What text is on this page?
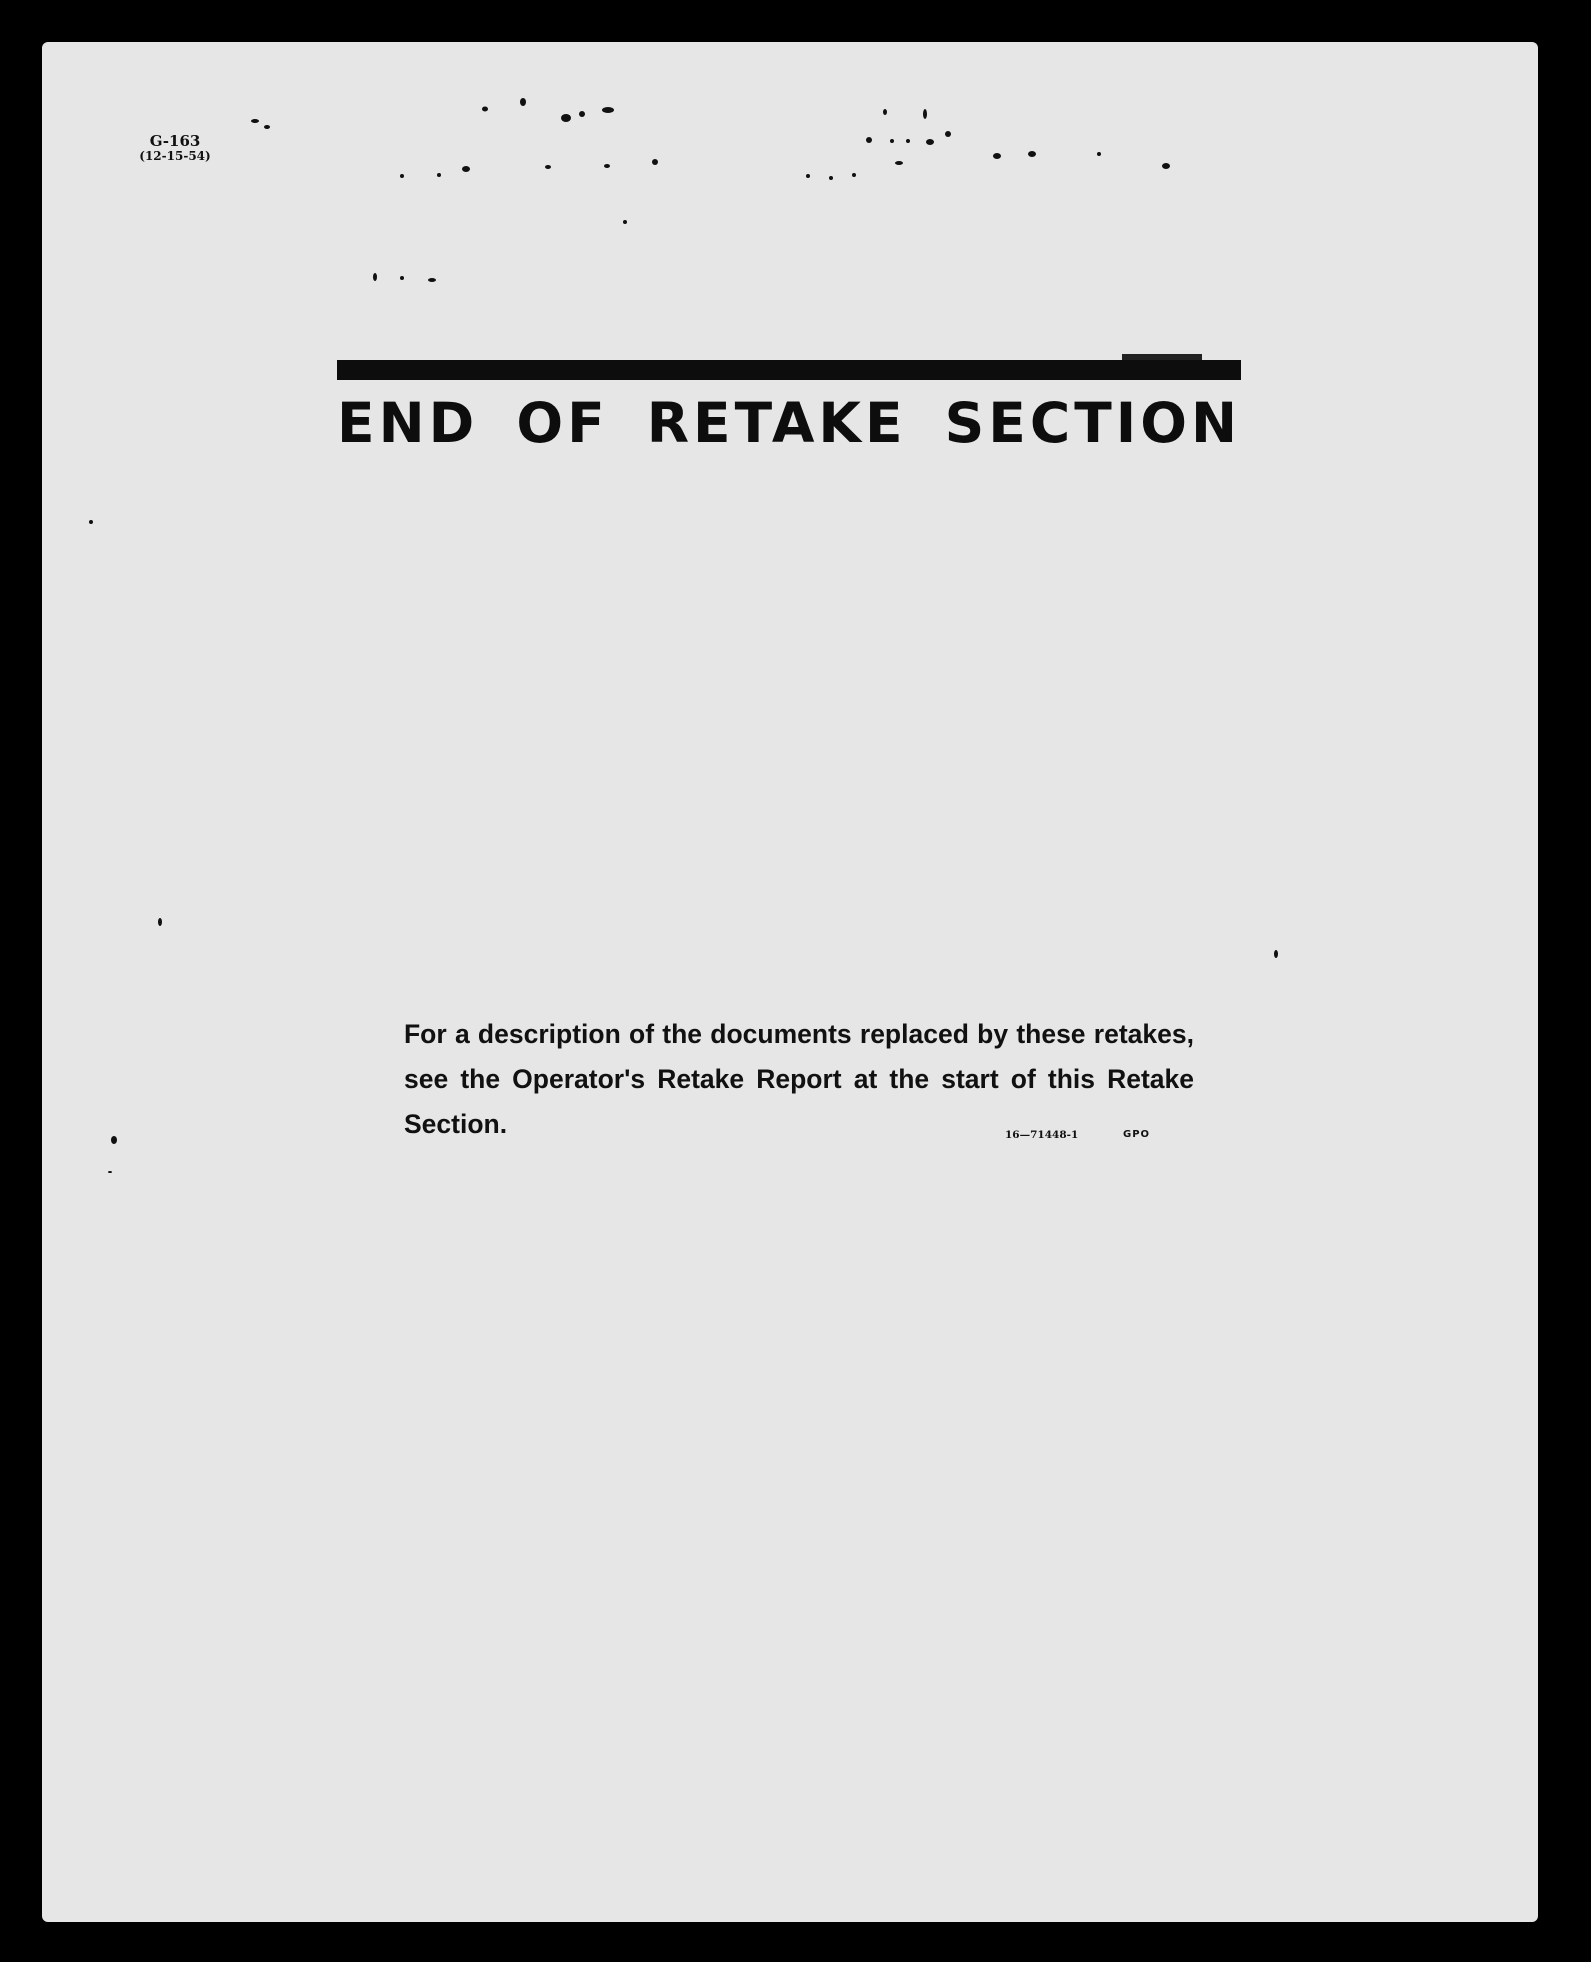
G-163
(12-15-54)
END OF RETAKE SECTION

For a description of the documents replaced by these retakes, see the Operator's Retake Report at the start of this Retake Section.	16—71448-1	GPO
